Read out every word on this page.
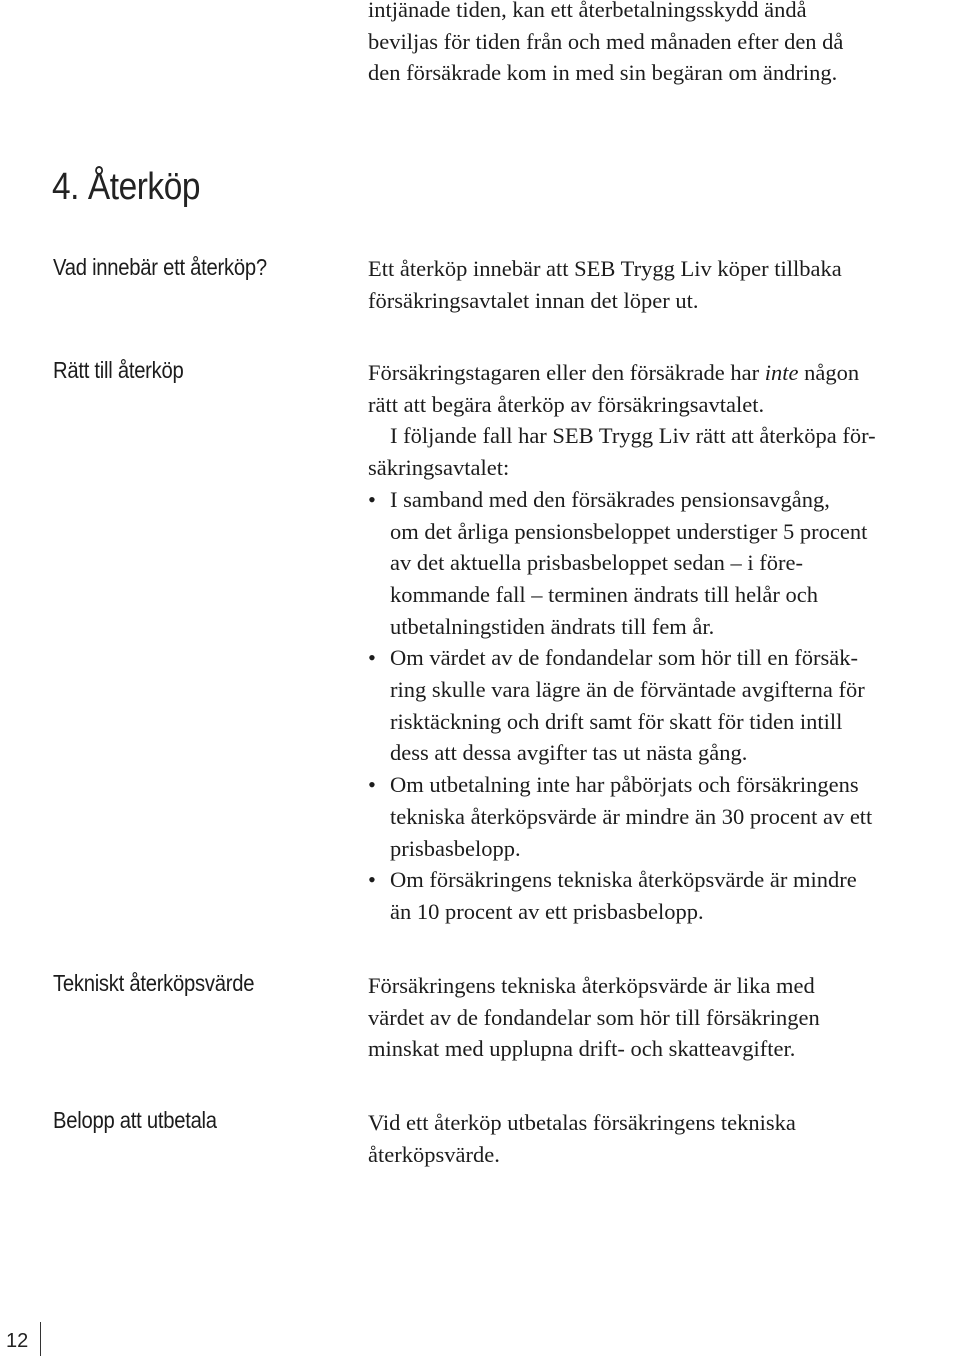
intjänade tiden, kan ett återbetalningsskydd ändå
beviljas för tiden från och med månaden efter den då
den försäkrade kom in med sin begäran om ändring.
4. Återköp
Vad innebär ett återköp?	Ett återköp innebär att SEB Trygg Liv köper tillbaka
försäkringsavtalet innan det löper ut.
Rätt till återköp	Försäkringstagaren eller den försäkrade har inte någon
rätt att begära återköp av försäkringsavtalet.
I följande fall har SEB Trygg Liv rätt att återköpa för-
säkringsavtalet:
• I samband med den försäkrades pensionsavgång,
om det årliga pensionsbeloppet understiger 5 procent
av det aktuella prisbasbeloppet sedan – i före-
kommande fall – terminen ändrats till helår och
utbetalningstiden ändrats till fem år.
• Om värdet av de fondandelar som hör till en försäk-
ring skulle vara lägre än de förväntade avgifterna för
risktäckning och drift samt för skatt för tiden intill
dess att dessa avgifter tas ut nästa gång.
• Om utbetalning inte har påbörjats och försäkringens
tekniska återköpsvärde är mindre än 30 procent av ett
prisbasbelopp.
• Om försäkringens tekniska återköpsvärde är mindre
än 10 procent av ett prisbasbelopp.
Tekniskt återköpsvärde	Försäkringens tekniska återköpsvärde är lika med
värdet av de fondandelar som hör till försäkringen
minskat med upplupna drift- och skatteavgifter.
Belopp att utbetala	Vid ett återköp utbetalas försäkringens tekniska
återköpsvärde.
12
